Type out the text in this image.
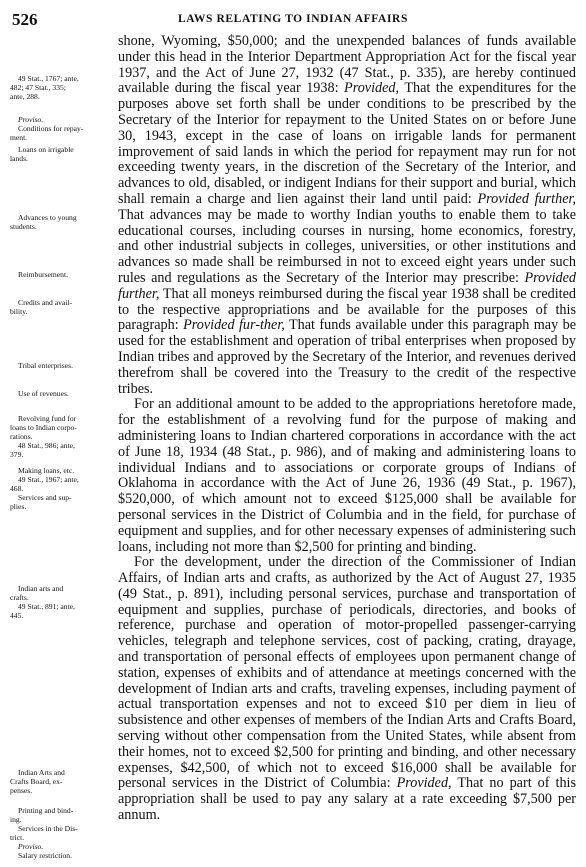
526	LAWS RELATING TO INDIAN AFFAIRS
49 Stat., 1767; ante,
482; 47 Stat., 335;
ante, 288.
Proviso.
Conditions for repay-
ment.
Loans on irrigable
lands.
Advances to young
students.
Reimbursement.
Credits and avail-
bility.
Tribal enterprises.
Use of revenues.
Revolving fund for
loans to Indian corpo-
rations.
48 Stat., 986; ante,
379.
Making loans, etc.
49 Stat., 1967; ante,
468.
Services and sup-
plies.
Indian arts and
crafts.
49 Stat., 891; ante,
445.
Indian Arts and
Crafts Board, ex-
penses.
Printing and bind-
ing.
Services in the Dis-
trict.
Proviso.
Salary restriction.

shone, Wyoming, $50,000; and the unexpended balances of funds available under this head in the Interior Department Appropriation Act for the fiscal year 1937, and the Act of June 27, 1932 (47 Stat., p. 335), are hereby continued available during the fiscal year 1938: Provided, That the expenditures for the purposes above set forth shall be under conditions to be prescribed by the Secretary of the Interior for repayment to the United States on or before June 30, 1943, except in the case of loans on irrigable lands for permanent improvement of said lands in which the period for repayment may run for not exceeding twenty years, in the discretion of the Secretary of the Interior, and advances to old, disabled, or indigent Indians for their support and burial, which shall remain a charge and lien against their land until paid: Provided further, That advances may be made to worthy Indian youths to enable them to take educational courses, including courses in nursing, home economics, forestry, and other industrial subjects in colleges, universities, or other institutions and advances so made shall be reimbursed in not to exceed eight years under such rules and regulations as the Secretary of the Interior may prescribe: Provided further, That all moneys reimbursed during the fiscal year 1938 shall be credited to the respective appropriations and be available for the purposes of this paragraph: Provided fur-ther, That funds available under this paragraph may be used for the establishment and operation of tribal enterprises when proposed by Indian tribes and approved by the Secretary of the Interior, and revenues derived therefrom shall be covered into the Treasury to the credit of the respective tribes.

For an additional amount to be added to the appropriations heretofore made, for the establishment of a revolving fund for the purpose of making and administering loans to Indian chartered corporations in accordance with the act of June 18, 1934 (48 Stat., p. 986), and of making and administering loans to individual Indians and to associations or corporate groups of Indians of Oklahoma in accordance with the Act of June 26, 1936 (49 Stat., p. 1967), $520,000, of which amount not to exceed $125,000 shall be available for personal services in the District of Columbia and in the field, for purchase of equipment and supplies, and for other necessary expenses of administering such loans, including not more than $2,500 for printing and binding.

For the development, under the direction of the Commissioner of Indian Affairs, of Indian arts and crafts, as authorized by the Act of August 27, 1935 (49 Stat., p. 891), including personal services, purchase and transportation of equipment and supplies, purchase of periodicals, directories, and books of reference, purchase and operation of motor-propelled passenger-carrying vehicles, telegraph and telephone services, cost of packing, crating, drayage, and transportation of personal effects of employees upon permanent change of station, expenses of exhibits and of attendance at meetings concerned with the development of Indian arts and crafts, traveling expenses, including payment of actual transportation expenses and not to exceed $10 per diem in lieu of subsistence and other expenses of members of the Indian Arts and Crafts Board, serving without other compensation from the United States, while absent from their homes, not to exceed $2,500 for printing and binding, and other necessary expenses, $42,500, of which not to exceed $16,000 shall be available for personal services in the District of Columbia: Provided, That no part of this appropriation shall be used to pay any salary at a rate exceeding $7,500 per annum.
